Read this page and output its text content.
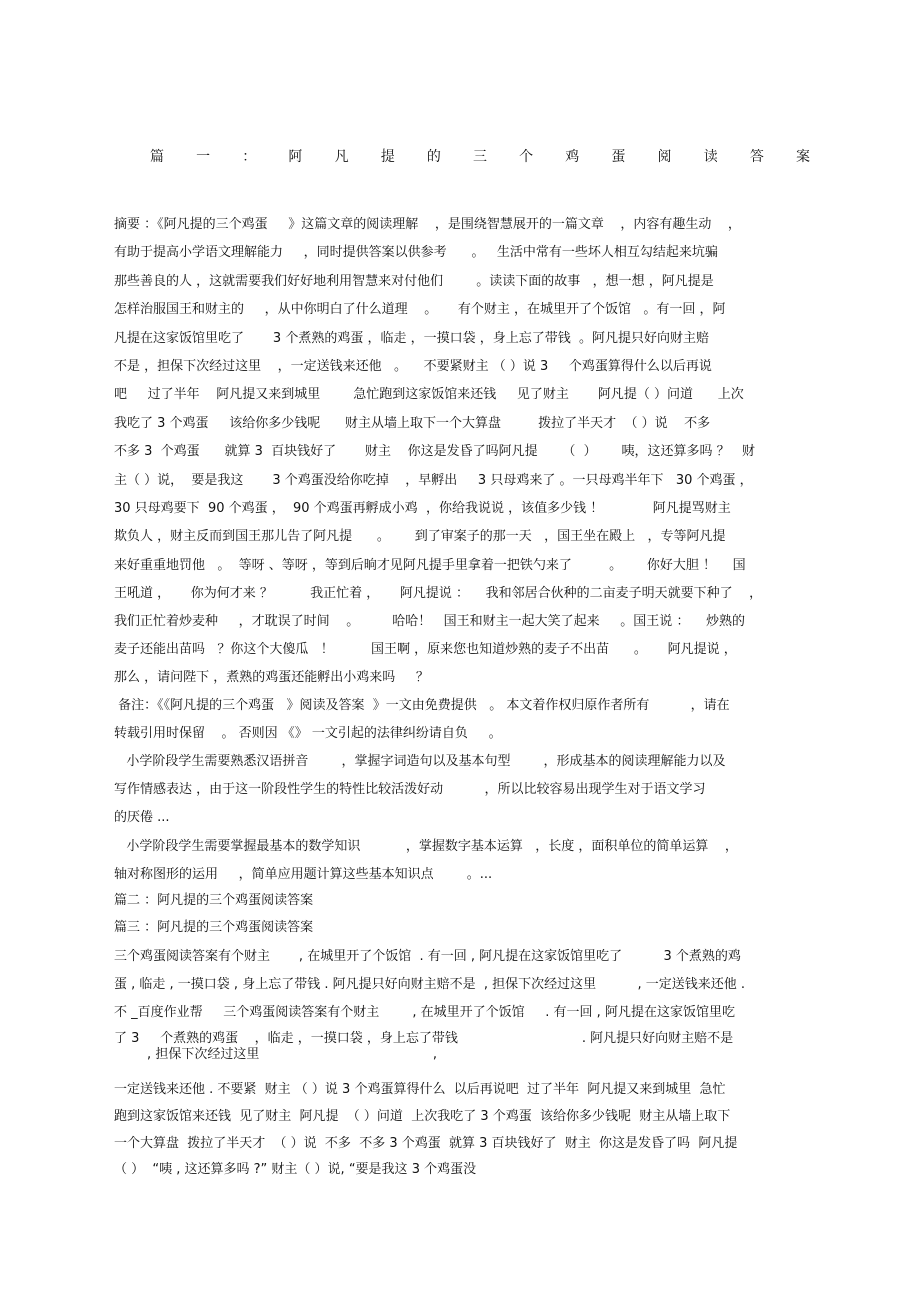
篇 一 ： 阿 凡 提 的 三 个 鸡 蛋 阅 读 答 案
摘要 ：《阿凡提的三个鸡蛋     》这篇文章的阅读理解    ，是围绕智慧展开的一篇文章    ，内容有趣生动    ，
有助于提高小学语文理解能力     ，同时提供答案以供参考      。   生活中常有一些坏人相互勾结起来坑骗
那些善良的人 ，这就需要我们好好地利用智慧来对付他们        。读读下面的故事   ，想一想 ，阿凡提是
怎样治服国王和财主的     ，从中你明白了什么道理    。     有个财主 ，在城里开了个饭馆   。有一回 ，阿
凡提在这家饭馆里吃了       3 个煮熟的鸡蛋 ，临走 ，一摸口袋 ，身上忘了带钱  。阿凡提只好向财主赔
不是 ，担保下次经过这里    ，一定送钱来还他   。    不要紧财主 （ ）说 3     个鸡蛋算得什么以后再说
吧     过了半年    阿凡提又来到城里        急忙跑到这家饭馆来还钱     见了财主       阿凡提（ ）问道      上次
我吃了 3 个鸡蛋     该给你多少钱呢      财主从墙上取下一个大算盘         拨拉了半天才  （ ）说    不多
不多 3  个鸡蛋      就算 3  百块钱好了       财主    你这是发昏了吗阿凡提      （  ）      咦，这还算多吗 ？   财
主（ ）说，  要是我这       3 个鸡蛋没给你吃掉    ，早孵出     3 只母鸡来了 。一只母鸡半年下   30 个鸡蛋 ，
30 只母鸡要下  90 个鸡蛋 ，  90 个鸡蛋再孵成小鸡  ，你给我说说 ，该值多少钱 ！            阿凡提骂财主
欺负人 ，财主反而到国王那儿告了阿凡提      。      到了审案子的那一天   ，国王坐在殿上   ，专等阿凡提
来好重重地罚他   。  等呀 、等呀 ，等到后晌才见阿凡提手里拿着一把铁勺来了         。      你好大胆 ！    国
王吼道 ，     你为何才来 ？         我正忙着 ，     阿凡提说 ：    我和邻居合伙种的二亩麦子明天就要下种了    ，
我们正忙着炒麦种     ，才耽误了时间    。        哈哈！   国王和财主一起大笑了起来     。国王说 ：    炒熟的
麦子还能出苗吗   ？你这个大傻瓜   ！         国王啊 ，原来您也知道炒熟的麦子不出苗      。     阿凡提说 ，
那么 ，请问陛下 ，煮熟的鸡蛋还能孵出小鸡来吗     ？
备注：《《阿凡提的三个鸡蛋   》阅读及答案  》一文由免费提供   。 本文着作权归原作者所有          ，请在
转载引用时保留    。 否则因 《》 一文引起的法律纠纷请自负     。
小学阶段学生需要熟悉汉语拼音        ，掌握字词造句以及基本句型        ，形成基本的阅读理解能力以及
写作情感表达 ，由于这一阶段性学生的特性比较活泼好动          ，所以比较容易出现学生对于语文学习
的厌倦 ...
小学阶段学生需要掌握最基本的数学知识           ，掌握数字基本运算   ，长度 ，面积单位的简单运算    ，
轴对称图形的运用     ，简单应用题计算这些基本知识点        。...
篇二 ：阿凡提的三个鸡蛋阅读答案
篇三 ：阿凡提的三个鸡蛋阅读答案
三个鸡蛋阅读答案有个财主       , 在城里开了个饭馆  . 有一回 , 阿凡提在这家饭馆里吃了          3 个煮熟的鸡
蛋 , 临走 , 一摸口袋 , 身上忘了带钱 . 阿凡提只好向财主赔不是  , 担保下次经过这里          , 一定送钱来还他 .
不 _百度作业帮     三个鸡蛋阅读答案有个财主        , 在城里开了个饭馆     . 有一回 , 阿凡提在这家饭馆里吃
了 3     个煮熟的鸡蛋    ，临走 ，一摸口袋 ，身上忘了带钱                              . 阿凡提只好向财主赔不是
, 担保下次经过这里                                          ,
一定送钱来还他 . 不要紧  财主 （ ）说 3 个鸡蛋算得什么  以后再说吧  过了半年  阿凡提又来到城里  急忙
跑到这家饭馆来还钱  见了财主  阿凡提  （ ）问道  上次我吃了 3 个鸡蛋  该给你多少钱呢  财主从墙上取下
一个大算盘  拨拉了半天才  （ ）说  不多  不多 3 个鸡蛋  就算 3 百块钱好了  财主  你这是发昏了吗  阿凡提
（ ）  “咦 , 这还算多吗 ?” 财主（ ）说, “要是我这 3 个鸡蛋没
